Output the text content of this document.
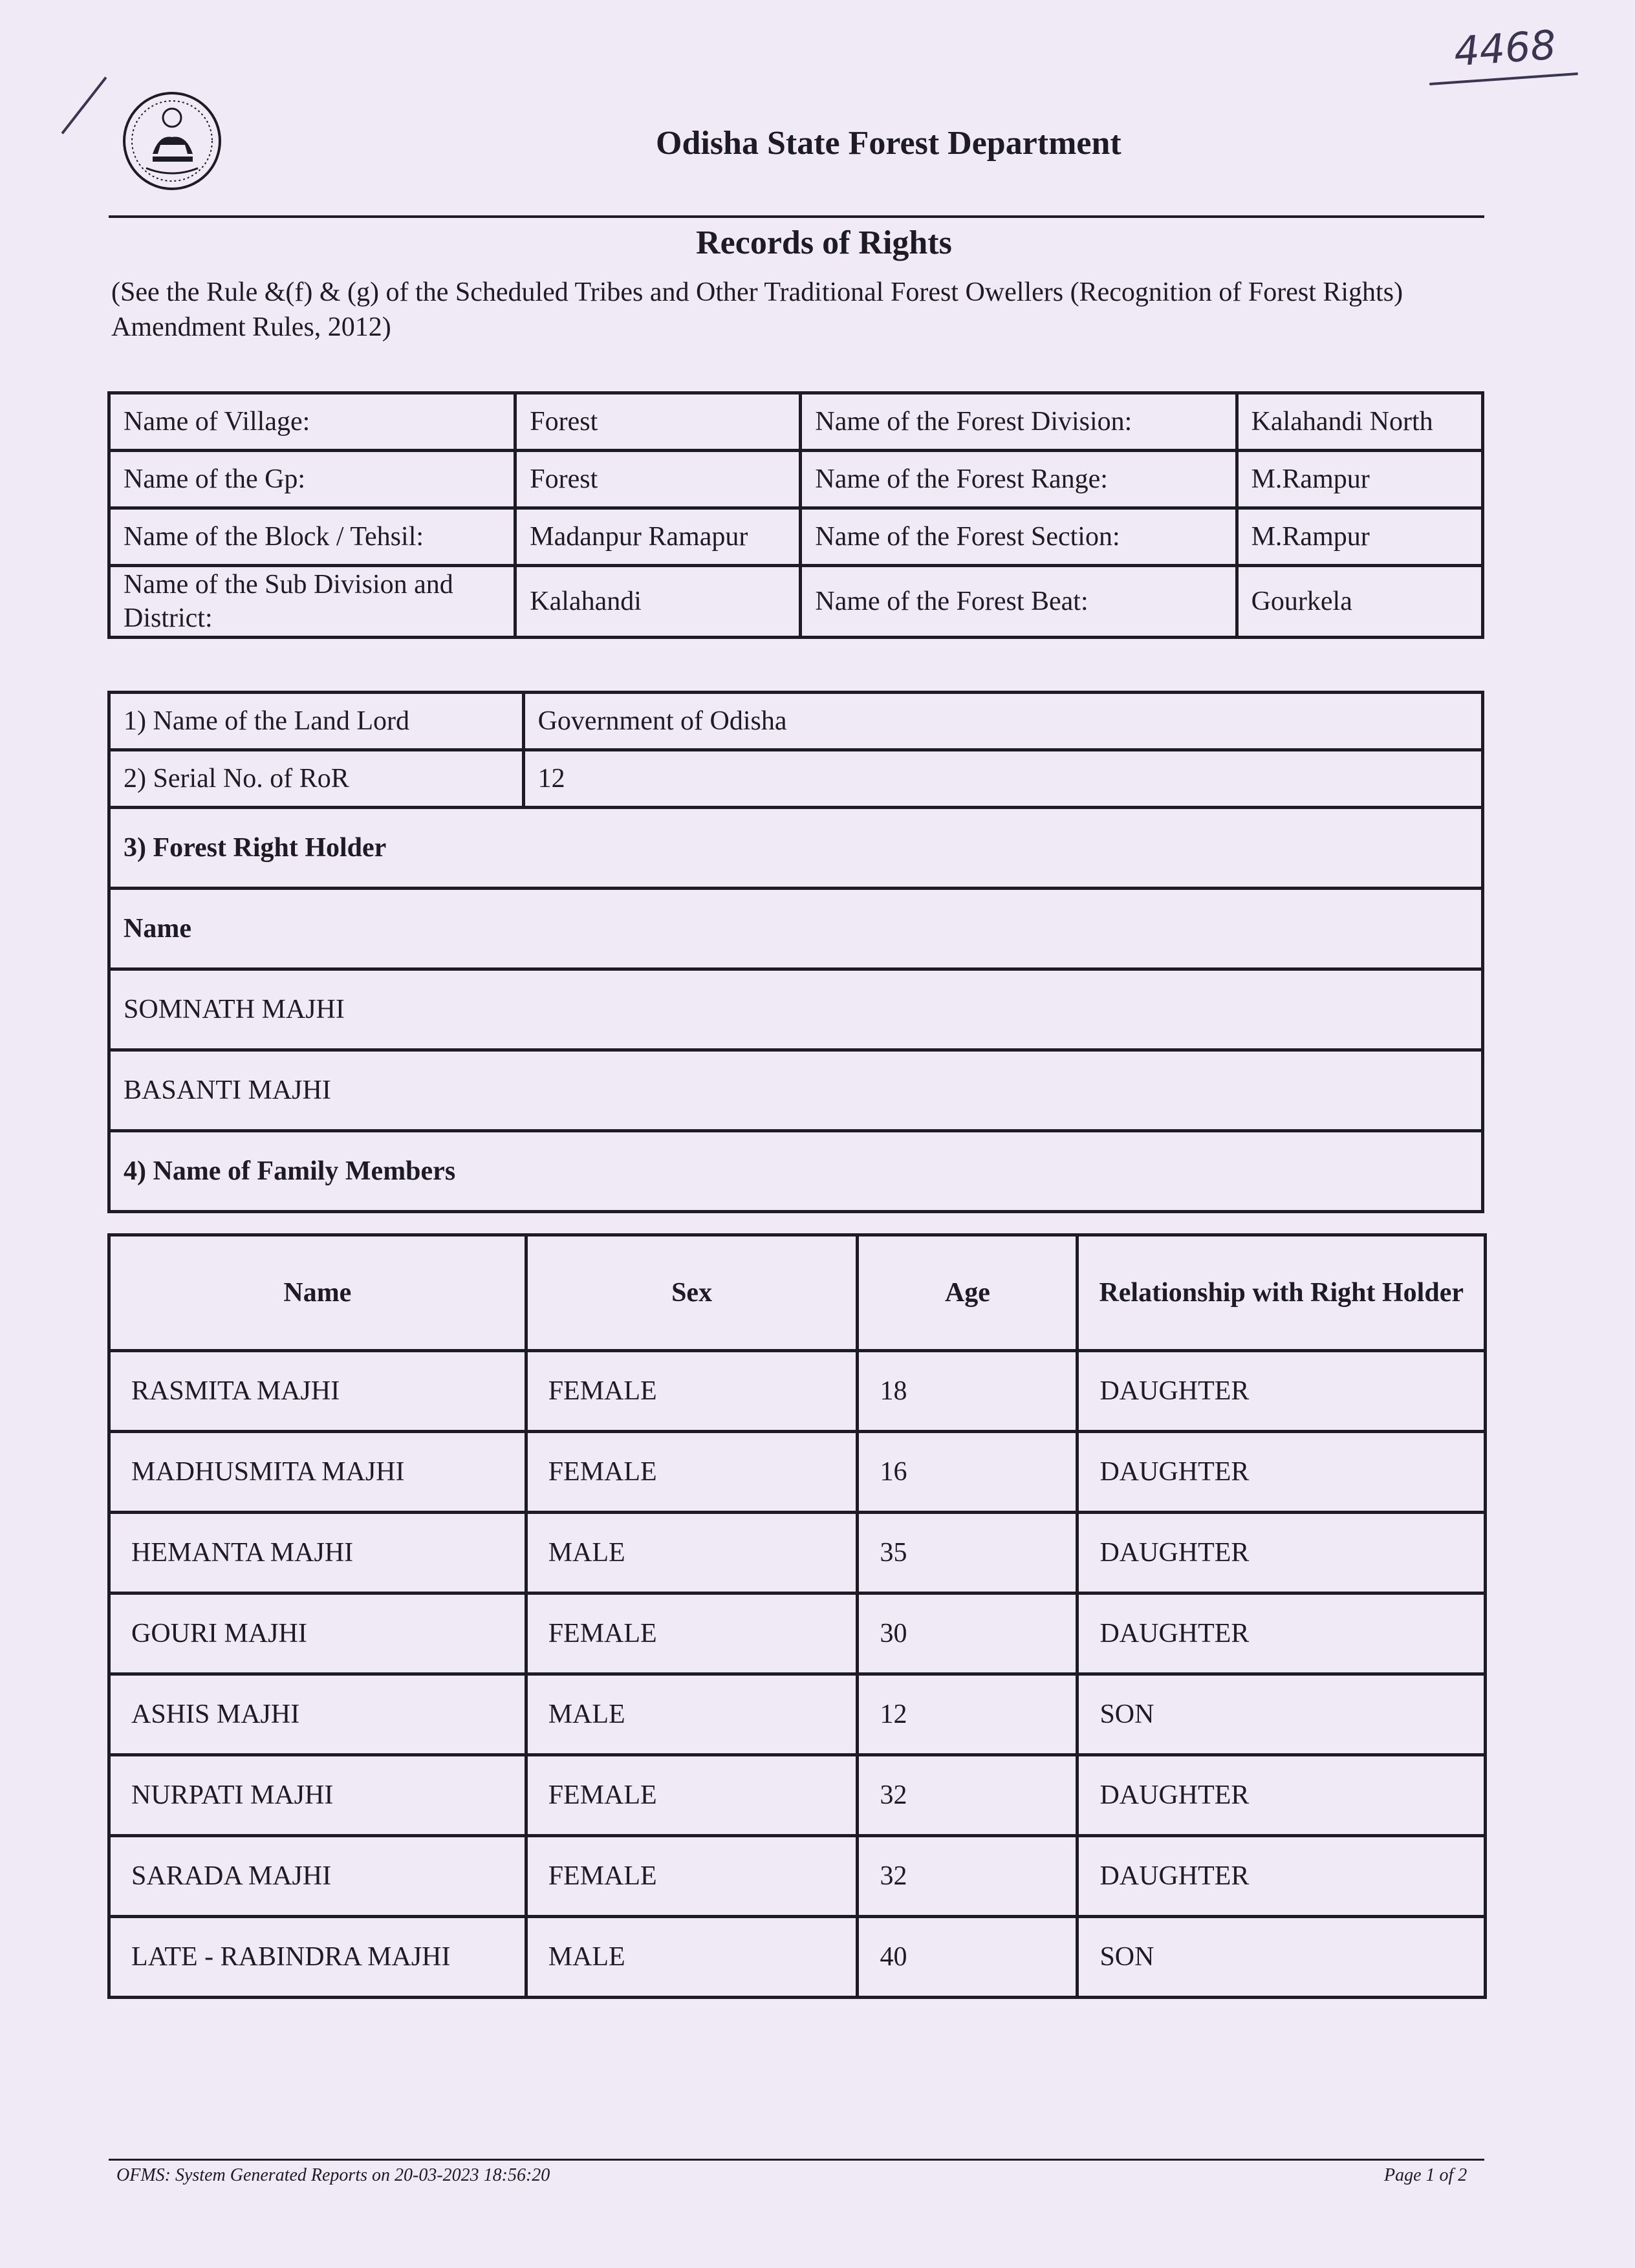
4468
Odisha State Forest Department
Records of Rights
(See the Rule &(f) & (g) of the Scheduled Tribes and Other Traditional Forest Owellers (Recognition of Forest Rights) Amendment Rules, 2012)
Name of Village:	Forest	Name of the Forest Division:	Kalahandi North
Name of the Gp:	Forest	Name of the Forest Range:	M.Rampur
Name of the Block / Tehsil:	Madanpur Ramapur	Name of the Forest Section:	M.Rampur
Name of the Sub Division and District:	Kalahandi	Name of the Forest Beat:	Gourkela
1) Name of the Land Lord	Government of Odisha
2) Serial No. of RoR	12
3) Forest Right Holder	
Name	
SOMNATH MAJHI	
BASANTI MAJHI	
4) Name of Family Members	
Name	Sex	Age	Relationship with Right Holder
RASMITA MAJHI	FEMALE	18	DAUGHTER
MADHUSMITA MAJHI	FEMALE	16	DAUGHTER
HEMANTA MAJHI	MALE	35	DAUGHTER
GOURI MAJHI	FEMALE	30	DAUGHTER
ASHIS MAJHI	MALE	12	SON
NURPATI MAJHI	FEMALE	32	DAUGHTER
SARADA MAJHI	FEMALE	32	DAUGHTER
LATE - RABINDRA MAJHI	MALE	40	SON
OFMS: System Generated Reports on 20-03-2023 18:56:20	Page 1 of 2
